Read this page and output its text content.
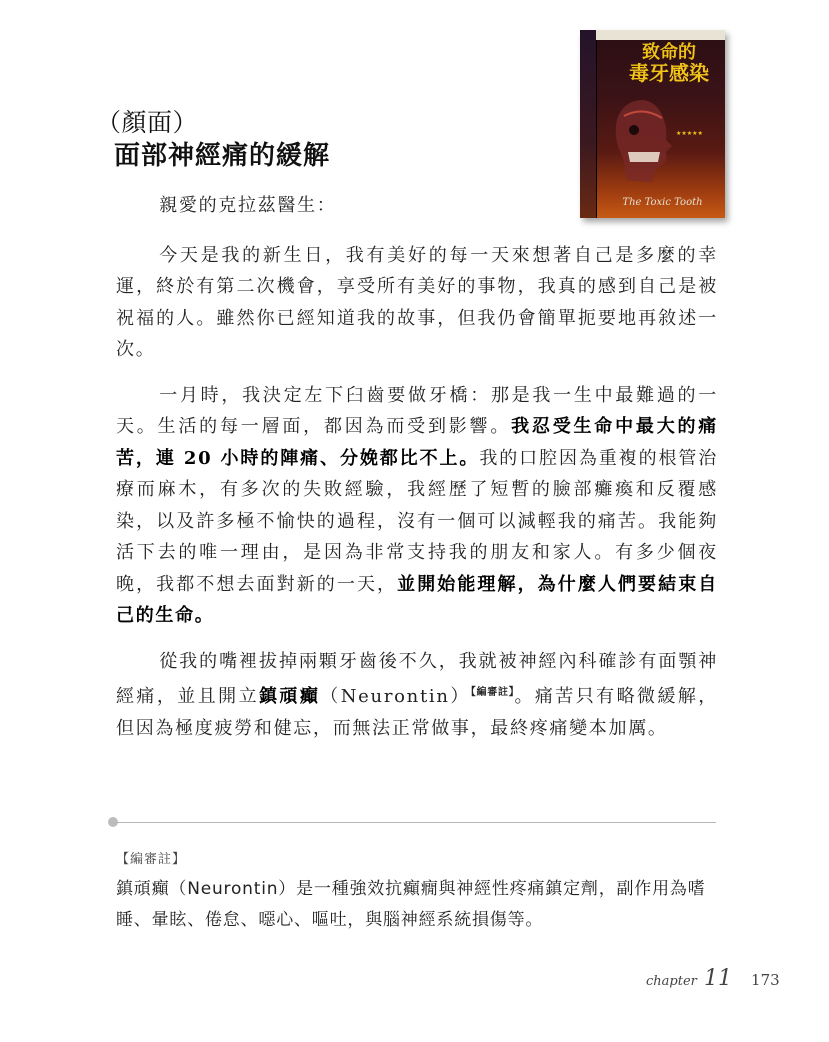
致命的
毒牙感染
★★★★★
The Toxic Tooth
（顏面）
面部神經痛的緩解

親愛的克拉茲醫生：

今天是我的新生日，我有美好的每一天來想著自己是多麼的幸運，終於有第二次機會，享受所有美好的事物，我真的感到自己是被祝福的人。雖然你已經知道我的故事，但我仍會簡單扼要地再敘述一次。

一月時，我決定左下臼齒要做牙橋：那是我一生中最難過的一天。生活的每一層面，都因為而受到影響。我忍受生命中最大的痛苦，連 20 小時的陣痛、分娩都比不上。我的口腔因為重複的根管治療而麻木，有多次的失敗經驗，我經歷了短暫的臉部癱瘓和反覆感染，以及許多極不愉快的過程，沒有一個可以減輕我的痛苦。我能夠活下去的唯一理由，是因為非常支持我的朋友和家人。有多少個夜晚，我都不想去面對新的一天，並開始能理解，為什麼人們要結束自己的生命。

從我的嘴裡拔掉兩顆牙齒後不久，我就被神經內科確診有面顎神經痛，並且開立鎮頑癲（Neurontin）$^{【編審註】}$。痛苦只有略微緩解，但因為極度疲勞和健忘，而無法正常做事，最終疼痛變本加厲。

【編審註】
鎮頑癲（Neurontin）是一種強效抗癲癇與神經性疼痛鎮定劑，副作用為嗜睡、暈眩、倦怠、噁心、嘔吐，與腦神經系統損傷等。
chapter 11 173
